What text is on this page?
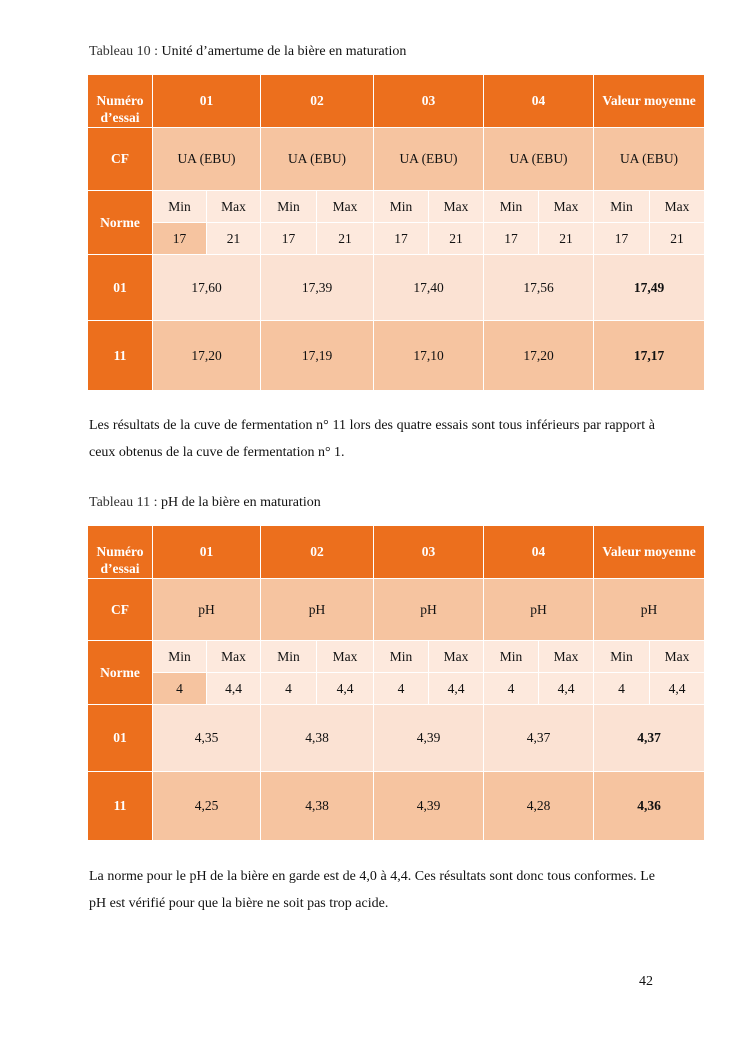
Tableau 10 : Unité d’amertume de la bière en maturation
Numéro d’essai	01		02		03		04		Valeur moyenne	
CF	UA (EBU)		UA (EBU)		UA (EBU)		UA (EBU)		UA (EBU)	
Norme	Min	Max	Min	Max	Min	Max	Min	Max	Min	Max
	17	21	17	21	17	21	17	21	17	21
01	17,60		17,39		17,40		17,56		17,49	
11	17,20		17,19		17,10		17,20		17,17	
Les résultats de la cuve de fermentation n° 11 lors des quatre essais sont tous inférieurs par rapport à ceux obtenus de la cuve de fermentation n° 1.
Tableau 11 : pH de la bière en maturation
Numéro d’essai	01		02		03		04		Valeur moyenne	
CF	pH		pH		pH		pH		pH	
Norme	Min	Max	Min	Max	Min	Max	Min	Max	Min	Max
	4	4,4	4	4,4	4	4,4	4	4,4	4	4,4
01	4,35		4,38		4,39		4,37		4,37	
11	4,25		4,38		4,39		4,28		4,36	
La norme pour le pH de la bière en garde est de 4,0 à 4,4. Ces résultats sont donc tous conformes. Le pH est vérifié pour que la bière ne soit pas trop acide.
42
